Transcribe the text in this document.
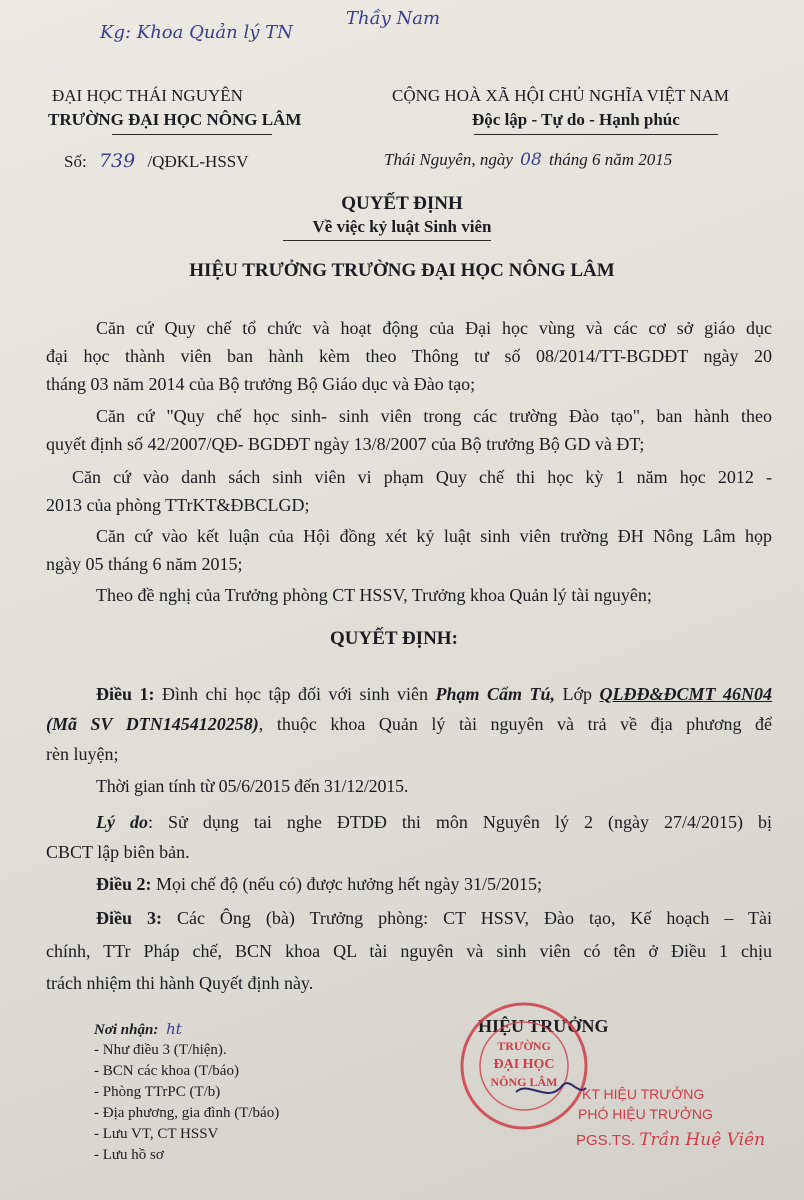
Kg: Khoa Quản lý TN
Thầy Nam
ĐẠI HỌC THÁI NGUYÊN
TRƯỜNG ĐẠI HỌC NÔNG LÂM
CỘNG HOÀ XÃ HỘI CHỦ NGHĨA VIỆT NAM
Độc lập - Tự do - Hạnh phúc
Số: 739 /QĐKL-HSSV	Thái Nguyên, ngày 08 tháng 6 năm 2015
QUYẾT ĐỊNH
Về việc kỷ luật Sinh viên
HIỆU TRƯỞNG TRƯỜNG ĐẠI HỌC NÔNG LÂM
Căn cứ Quy chế tổ chức và hoạt động của Đại học vùng và các cơ sở giáo dục
đại học thành viên ban hành kèm theo Thông tư số 08/2014/TT-BGDĐT ngày 20
tháng 03 năm 2014 của Bộ trưởng Bộ Giáo dục và Đào tạo;
Căn cứ "Quy chế học sinh- sinh viên trong các trường Đào tạo", ban hành theo
quyết định số 42/2007/QĐ- BGDĐT ngày 13/8/2007 của Bộ trưởng Bộ GD và ĐT;
Căn cứ vào danh sách sinh viên vi phạm Quy chế thi học kỳ 1 năm học 2012 -
2013 của phòng TTrKT&ĐBCLGD;
Căn cứ vào kết luận của Hội đồng xét kỷ luật sinh viên trường ĐH Nông Lâm họp
ngày 05 tháng 6 năm 2015;
Theo đề nghị của Trưởng phòng CT HSSV, Trưởng khoa Quản lý tài nguyên;
QUYẾT ĐỊNH:
Điều 1: Đình chỉ học tập đối với sinh viên Phạm Cẩm Tú, Lớp QLĐĐ&ĐCMT 46N04
(Mã SV DTN1454120258), thuộc khoa Quản lý tài nguyên và trả về địa phương để
rèn luyện;
Thời gian tính từ 05/6/2015 đến 31/12/2015.
Lý do: Sử dụng tai nghe ĐTDĐ thi môn Nguyên lý 2 (ngày 27/4/2015) bị
CBCT lập biên bản.
Điều 2: Mọi chế độ (nếu có) được hưởng hết ngày 31/5/2015;
Điều 3: Các Ông (bà) Trưởng phòng: CT HSSV, Đào tạo, Kế hoạch – Tài
chính, TTr Pháp chế, BCN khoa QL tài nguyên và sinh viên có tên ở Điều 1 chịu
trách nhiệm thi hành Quyết định này.
Nơi nhận: ht
- Như điều 3 (T/hiện).
- BCN các khoa (T/báo)
- Phòng TTrPC (T/b)
- Địa phương, gia đình (T/báo)
- Lưu VT, CT HSSV
- Lưu hồ sơ
HIỆU TRƯỞNG
TRƯỜNG
ĐẠI HỌC
NÔNG LÂM
KT HIỆU TRƯỞNG
PHÓ HIỆU TRƯỞNG
PGS.TS. Trần Huệ Viên
